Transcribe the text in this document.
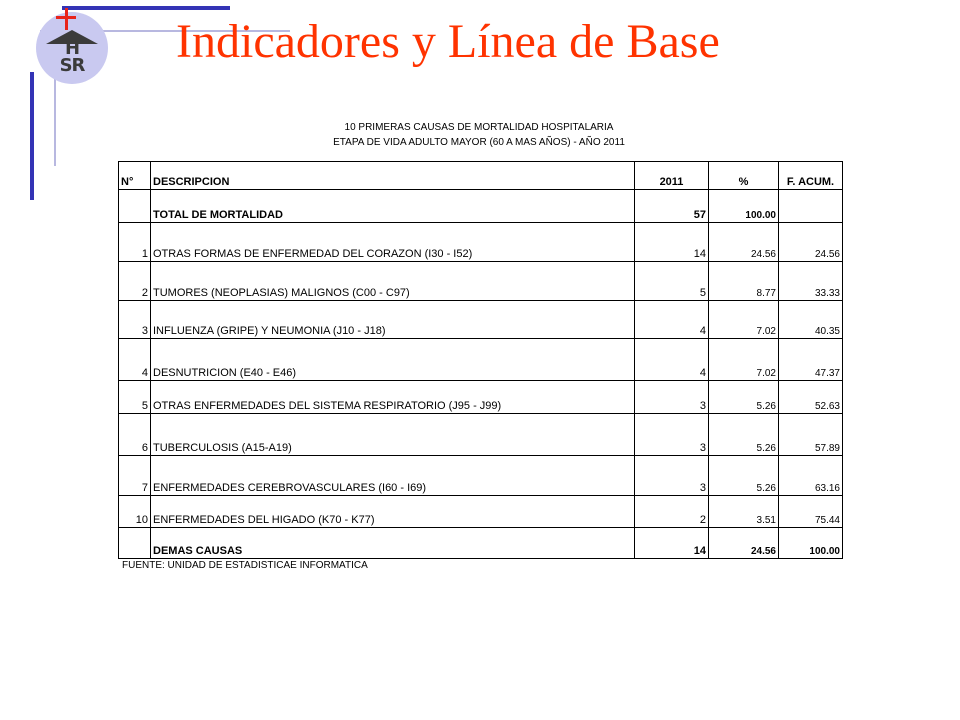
H
SR	Indicadores y Línea de Base
10 PRIMERAS CAUSAS DE MORTALIDAD HOSPITALARIA
ETAPA DE VIDA ADULTO MAYOR (60 A MAS AÑOS) - AÑO 2011
N°	DESCRIPCION	2011	%	F. ACUM.
	TOTAL DE MORTALIDAD	57	100.00	
1	OTRAS FORMAS DE ENFERMEDAD DEL CORAZON (I30 - I52)	14	24.56	24.56
2	TUMORES (NEOPLASIAS) MALIGNOS (C00 - C97)	5	8.77	33.33
3	INFLUENZA (GRIPE) Y NEUMONIA (J10 - J18)	4	7.02	40.35
4	DESNUTRICION (E40 - E46)	4	7.02	47.37
5	OTRAS ENFERMEDADES DEL SISTEMA RESPIRATORIO (J95 - J99)	3	5.26	52.63
6	TUBERCULOSIS (A15-A19)	3	5.26	57.89
7	ENFERMEDADES CEREBROVASCULARES (I60 - I69)	3	5.26	63.16
10	ENFERMEDADES DEL HIGADO (K70 - K77)	2	3.51	75.44
	DEMAS CAUSAS	14	24.56	100.00
FUENTE: UNIDAD DE ESTADISTICAE INFORMATICA
